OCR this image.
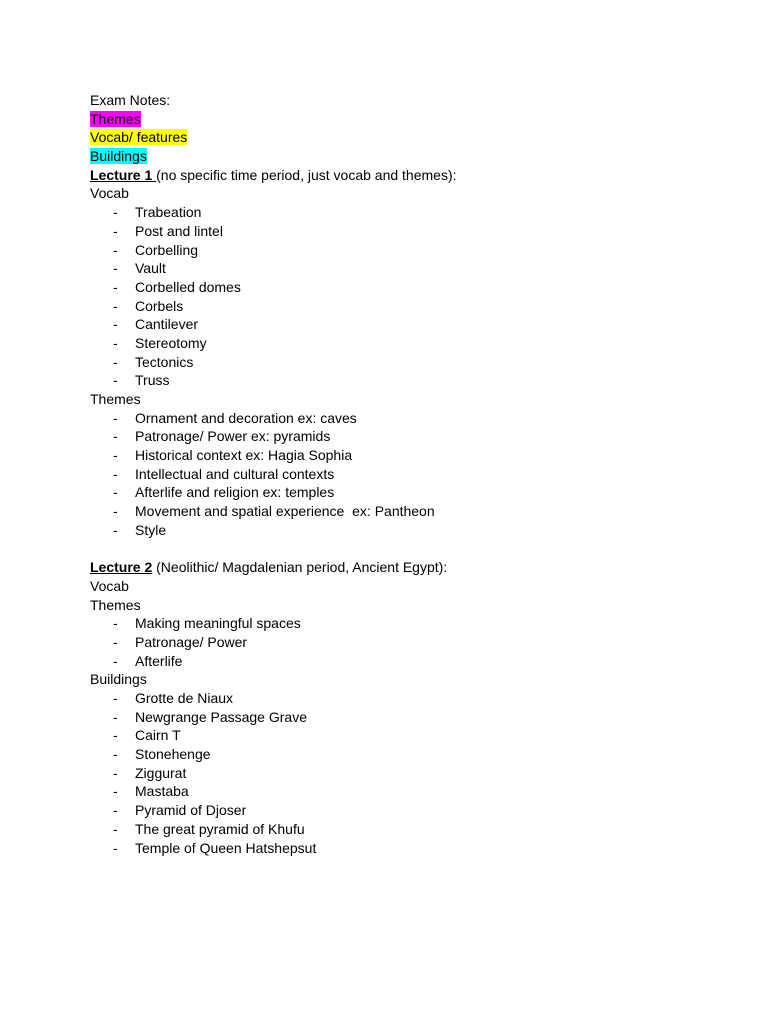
Exam Notes:
Themes
Vocab/ features
Buildings
Lecture 1 (no specific time period, just vocab and themes):
Vocab
- Trabeation
- Post and lintel
- Corbelling
- Vault
- Corbelled domes
- Corbels
- Cantilever
- Stereotomy
- Tectonics
- Truss
Themes
- Ornament and decoration ex: caves
- Patronage/ Power ex: pyramids
- Historical context ex: Hagia Sophia
- Intellectual and cultural contexts
- Afterlife and religion ex: temples
- Movement and spatial experience  ex: Pantheon
- Style
Lecture 2 (Neolithic/ Magdalenian period, Ancient Egypt):
Vocab
Themes
- Making meaningful spaces
- Patronage/ Power
- Afterlife
Buildings
- Grotte de Niaux
- Newgrange Passage Grave
- Cairn T
- Stonehenge
- Ziggurat
- Mastaba
- Pyramid of Djoser
- The great pyramid of Khufu
- Temple of Queen Hatshepsut
